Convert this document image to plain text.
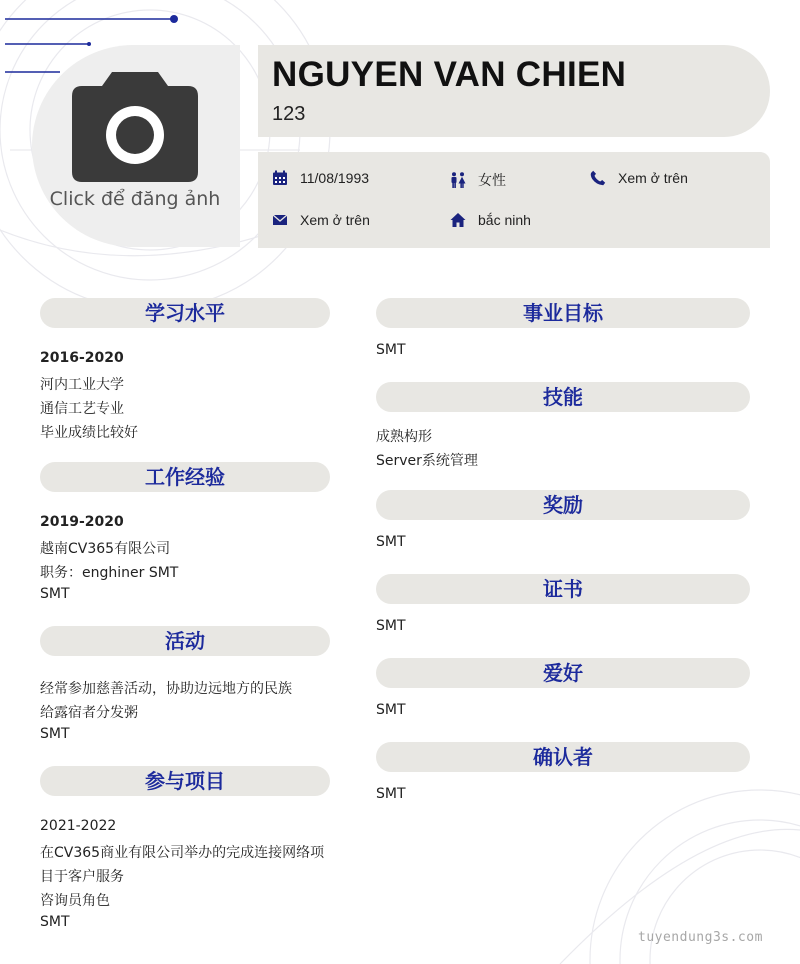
Click để đăng ảnh
NGUYEN VAN CHIEN
123
11/08/1993	女性	Xem ở trên
Xem ở trên	bắc ninh
学习水平
2016-2020
河内工业大学
通信工艺专业
毕业成绩比较好
工作经验
2019-2020
越南CV365有限公司
职务：enghiner SMT
SMT
活动
经常参加慈善活动，协助边远地方的民族
给露宿者分发粥
SMT
参与项目
2021-2022
在CV365商业有限公司举办的完成连接网络项
目于客户服务
咨询员角色
SMT
事业目标
SMT
技能
成熟构形
Server系统管理
奖励
SMT
证书
SMT
爱好
SMT
确认者
SMT
tuyendung3s.com
